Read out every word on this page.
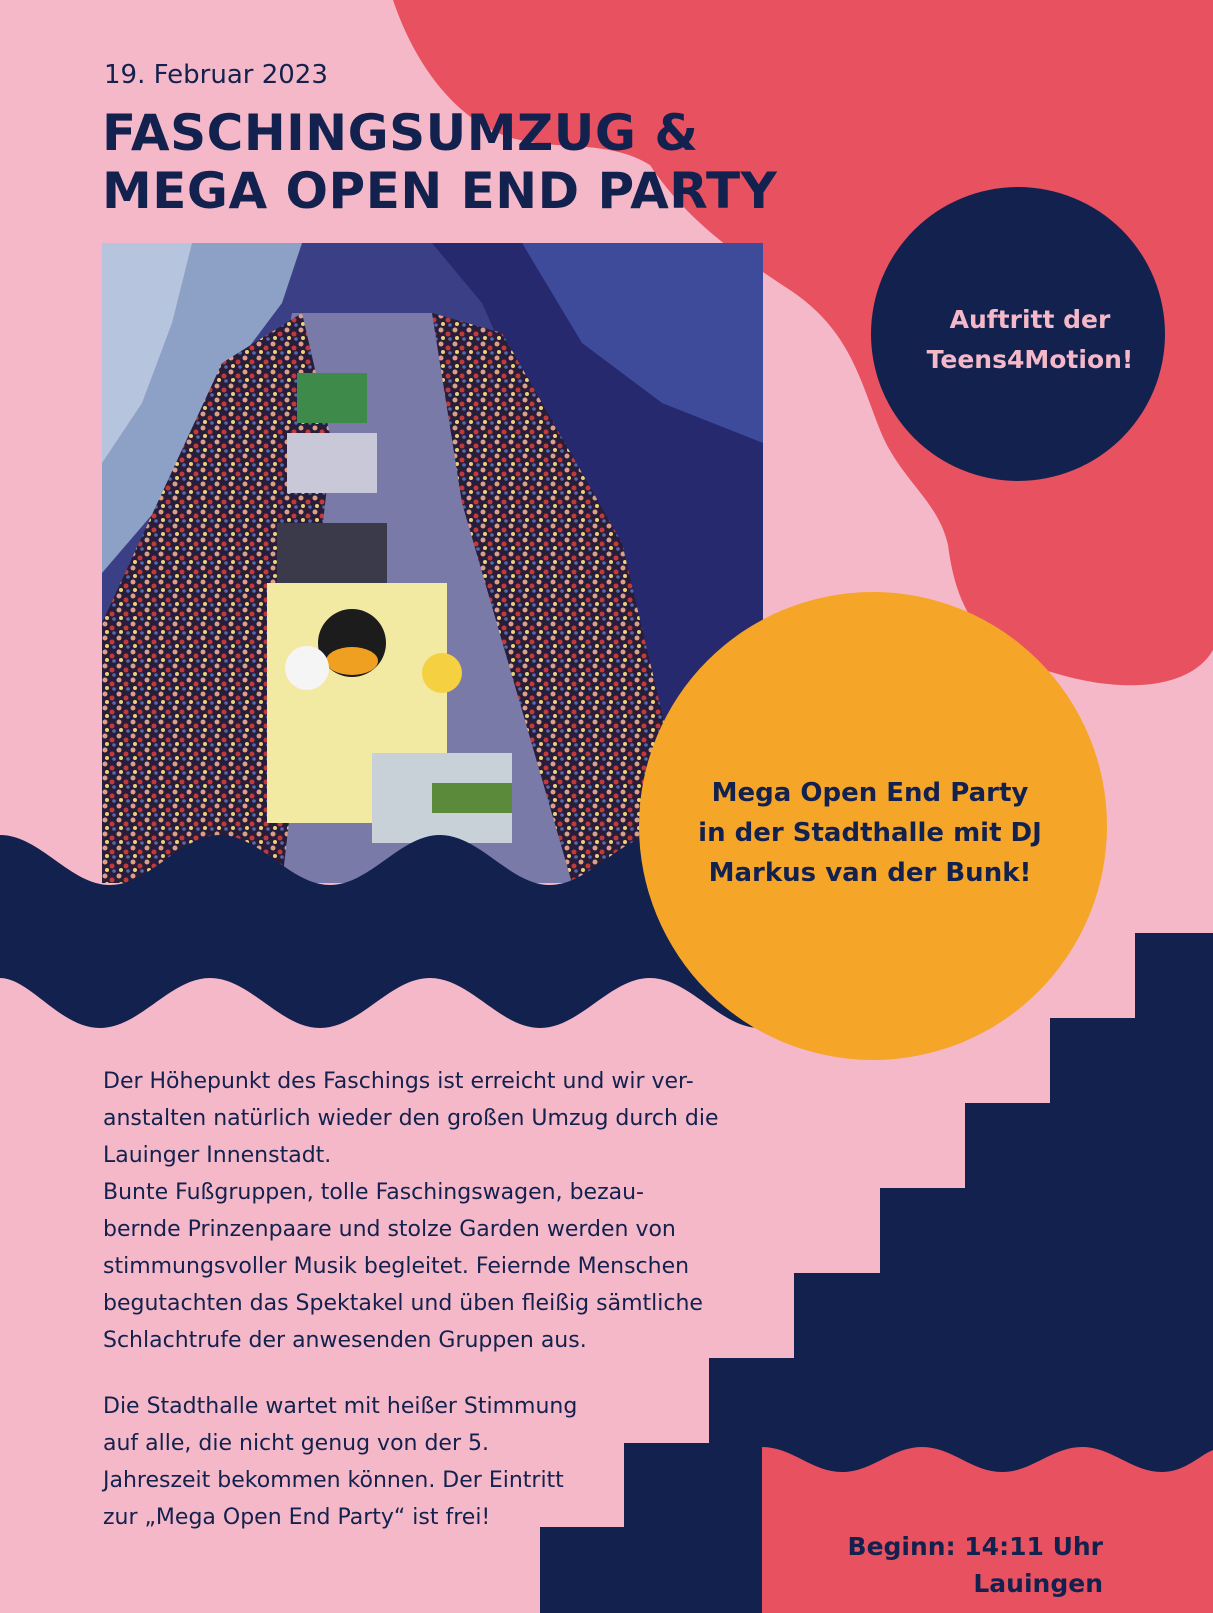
19. Februar 2023
FASCHINGSUMZUG &
MEGA OPEN END PARTY
Auftritt der
Teens4Motion!
Mega Open End Party
in der Stadthalle mit DJ
Markus van der Bunk!

Der Höhepunkt des Faschings ist erreicht und wir ver-

anstalten natürlich wieder den großen Umzug durch die

Lauinger Innenstadt.

Bunte Fußgruppen, tolle Faschingswagen, bezau-

bernde Prinzenpaare und stolze Garden werden von

stimmungsvoller Musik begleitet. Feiernde Menschen

begutachten das Spektakel und üben fleißig sämtliche

Schlachtrufe der anwesenden Gruppen aus.

Die Stadthalle wartet mit heißer Stimmung

auf alle, die nicht genug von der 5.

Jahreszeit bekommen können. Der Eintritt

zur „Mega Open End Party“ ist frei!

Beginn: 14:11 Uhr
Lauingen
